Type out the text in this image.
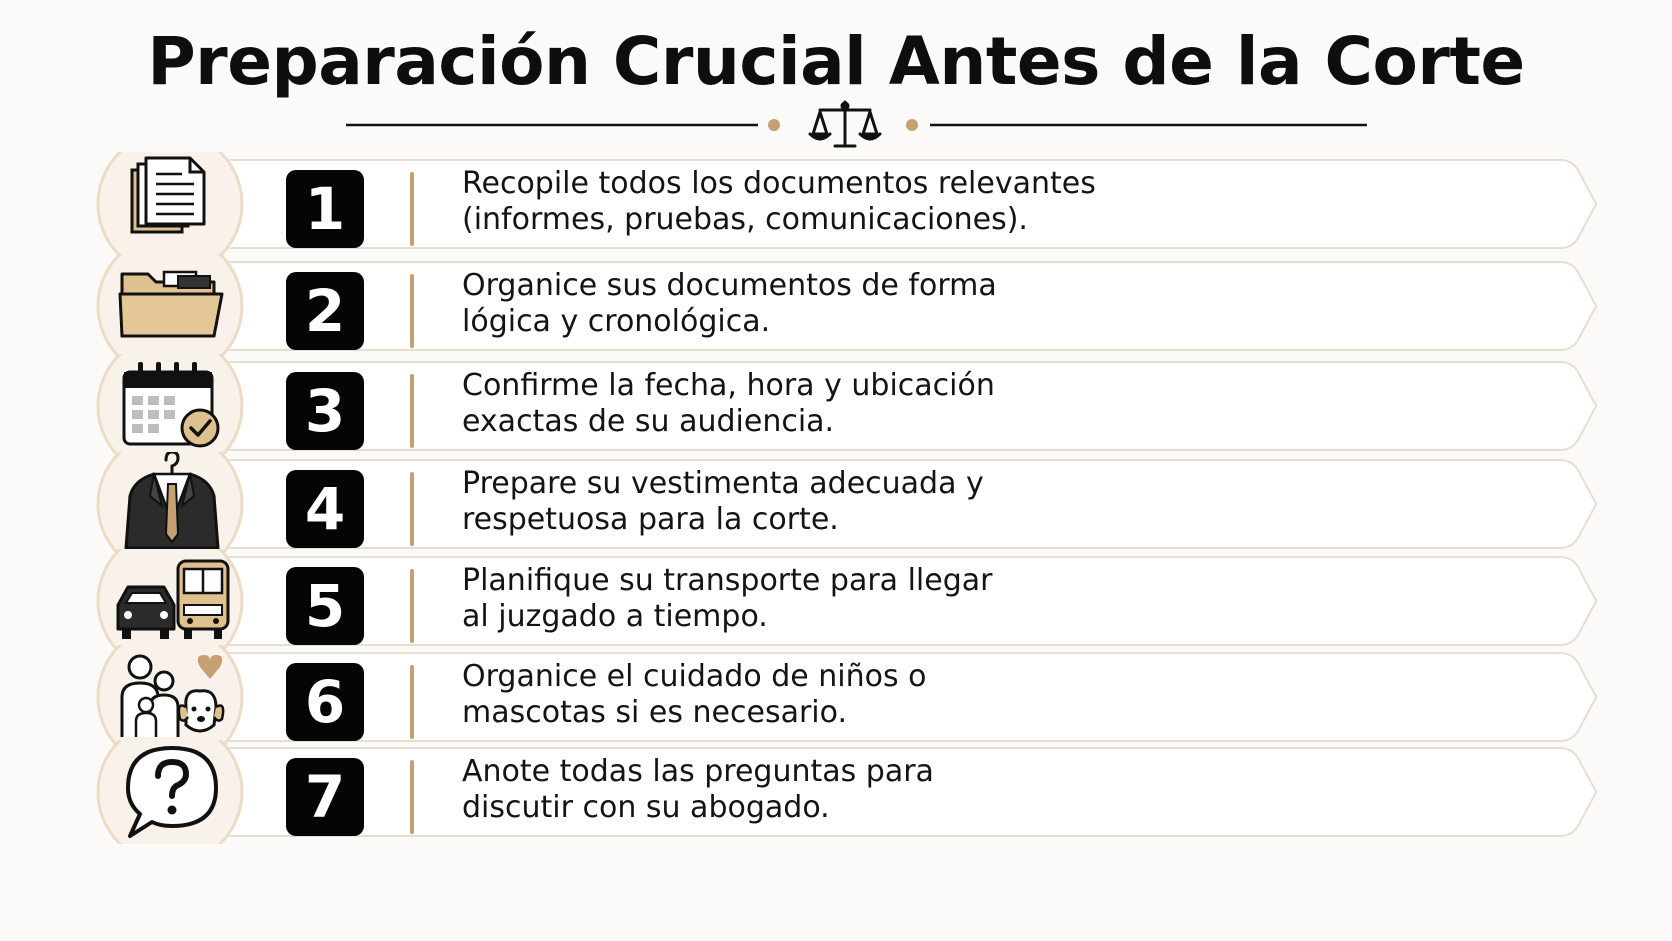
Preparación Crucial Antes de la Corte
1	Recopile todos los documentos relevantes
(informes, pruebas, comunicaciones).
2	Organice sus documentos de forma
lógica y cronológica.
3	Confirme la fecha, hora y ubicación
exactas de su audiencia.
4	Prepare su vestimenta adecuada y
respetuosa para la corte.
5	Planifique su transporte para llegar
al juzgado a tiempo.
6	Organice el cuidado de niños o
mascotas si es necesario.
7	Anote todas las preguntas para
discutir con su abogado.
